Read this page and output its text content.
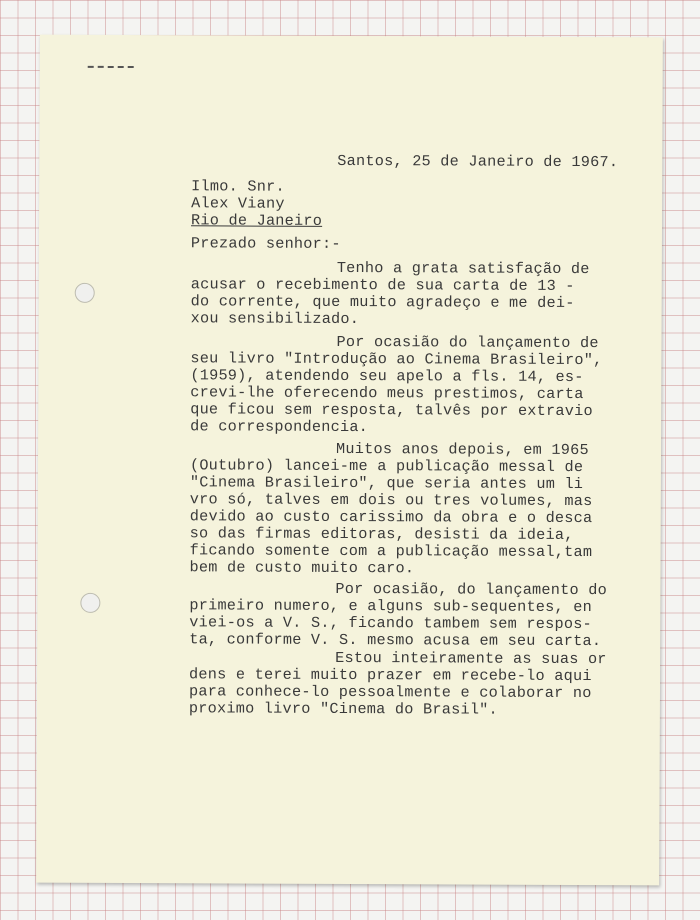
Santos, 25 de Janeiro de 1967.

Ilmo. Snr.

Alex Viany

Rio de Janeiro

Prezado senhor:-

Tenho a grata satisfação de

acusar o recebimento de sua carta de 13 -

do corrente, que muito agradeço e me dei-

xou sensibilizado.

Por ocasião do lançamento de

seu livro "Introdução ao Cinema Brasileiro",

(1959), atendendo seu apelo a fls. 14, es-

crevi-lhe oferecendo meus prestimos, carta

que ficou sem resposta, talvês por extravio

de correspondencia.

Muitos anos depois, em 1965

(Outubro) lancei-me a publicação messal de

"Cinema Brasileiro", que seria antes um li

vro só, talves em dois ou tres volumes, mas

devido ao custo carissimo da obra e o desca

so das firmas editoras, desisti da ideia,

ficando somente com a publicação messal,tam

bem de custo muito caro.

Por ocasião, do lançamento do

primeiro numero, e alguns sub-sequentes, en

viei-os a V. S., ficando tambem sem respos-

ta, conforme V. S. mesmo acusa em seu carta.

Estou inteiramente as suas or

dens e terei muito prazer em recebe-lo aqui

para conhece-lo pessoalmente e colaborar no

proximo livro "Cinema do Brasil".
